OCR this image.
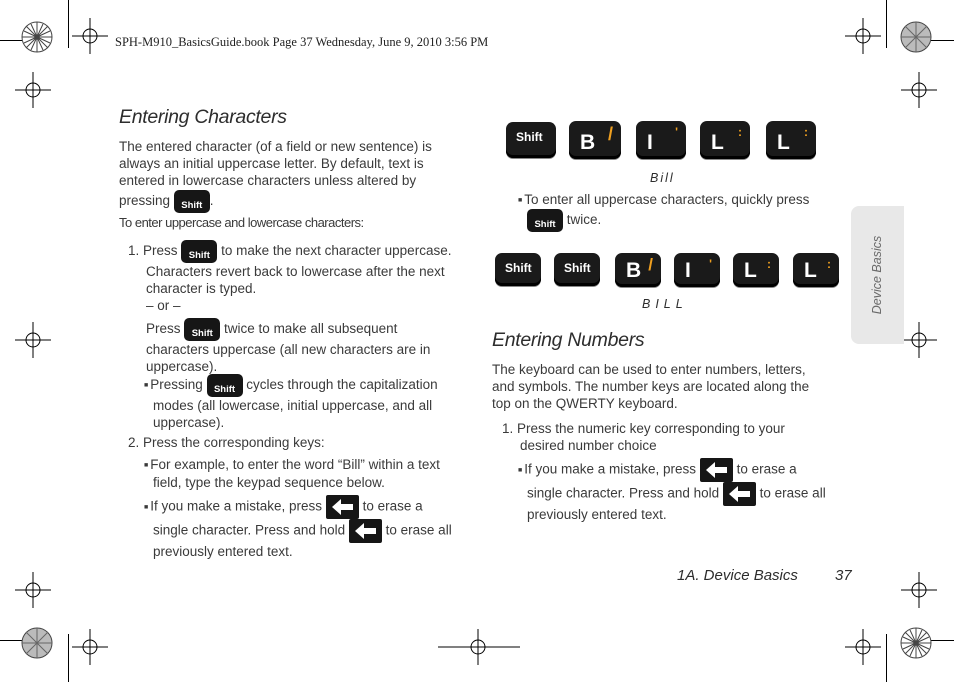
SPH-M910_BasicsGuide.book Page 37 Wednesday, June 9, 2010 3:56 PM
Entering Characters
The entered character (of a field or new sentence) is
always an initial uppercase letter. By default, text is
entered in lowercase characters unless altered by
pressing	Shift .
To enter uppercase and lowercase characters:
1. Press	Shift to make the next character uppercase.
Characters revert back to lowercase after the next
character is typed.
– or –
Press	Shift twice to make all subsequent
characters uppercase (all new characters are in
uppercase).
■ Pressing	Shift cycles through the capitalization
modes (all lowercase, initial uppercase, and all
uppercase).
2. Press the corresponding keys:
■ For example, to enter the word “Bill” within a text
field, type the keypad sequence below.
■ If you make a mistake, press	to erase a
single character. Press and hold	to erase all
previously entered text.
Shift B / I ' L : L :
Bill
■ To enter all uppercase characters, quickly press
Shift twice.
Shift	Shift B / I ' L : L :
BILL
Entering Numbers
The keyboard can be used to enter numbers, letters,
and symbols. The number keys are located along the
top on the QWERTY keyboard.
1. Press the numeric key corresponding to your
desired number choice
■ If you make a mistake, press	to erase a
single character. Press and hold	to erase all
previously entered text.
Device Basics
1A. Device Basics 37
